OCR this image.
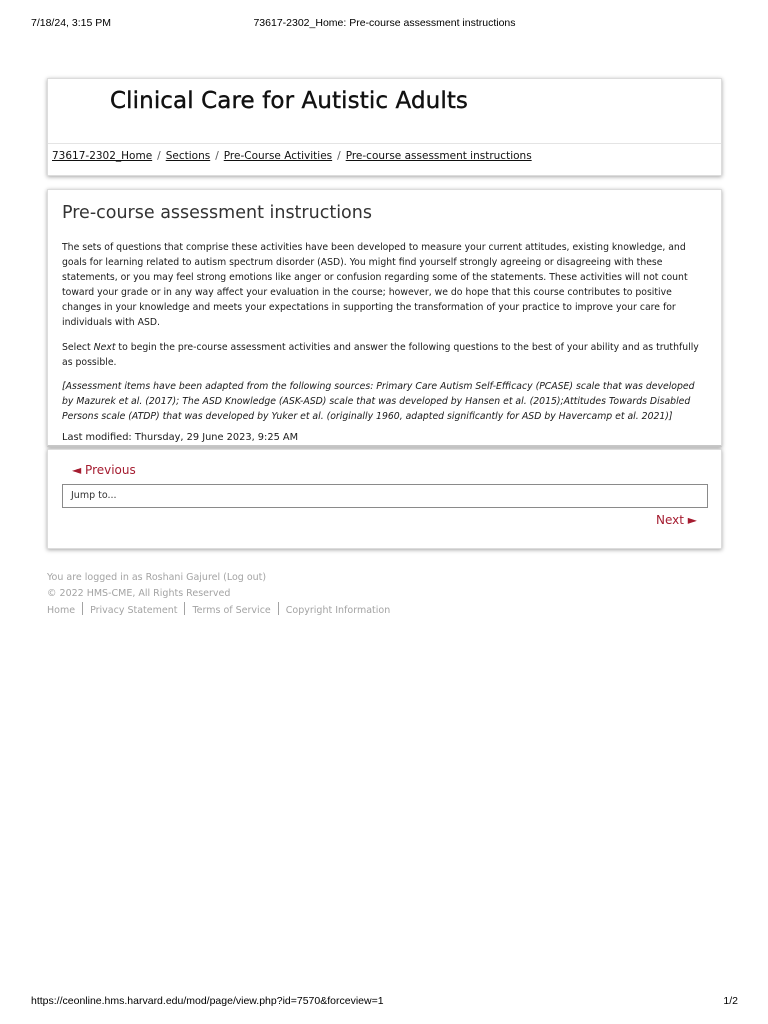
7/18/24, 3:15 PM	73617-2302_Home: Pre-course assessment instructions
Clinical Care for Autistic Adults
73617-2302_Home / Sections / Pre-Course Activities / Pre-course assessment instructions
Pre-course assessment instructions

The sets of questions that comprise these activities have been developed to measure your current attitudes, existing knowledge, and goals for learning related to autism spectrum disorder (ASD). You might find yourself strongly agreeing or disagreeing with these statements, or you may feel strong emotions like anger or confusion regarding some of the statements. These activities will not count toward your grade or in any way affect your evaluation in the course; however, we do hope that this course contributes to positive changes in your knowledge and meets your expectations in supporting the transformation of your practice to improve your care for individuals with ASD.

Select Next to begin the pre-course assessment activities and answer the following questions to the best of your ability and as truthfully as possible.

[Assessment items have been adapted from the following sources: Primary Care Autism Self-Efficacy (PCASE) scale that was developed by Mazurek et al. (2017); The ASD Knowledge (ASK-ASD) scale that was developed by Hansen et al. (2015);Attitudes Towards Disabled Persons scale (ATDP) that was developed by Yuker et al. (originally 1960, adapted significantly for ASD by Havercamp et al. 2021)]

Last modified: Thursday, 29 June 2023, 9:25 AM
◄ Previous
Jump to...
Next ►
You are logged in as Roshani Gajurel (Log out)
© 2022 HMS-CME, All Rights Reserved
Home Privacy Statement Terms of Service Copyright Information
https://ceonline.hms.harvard.edu/mod/page/view.php?id=7570&forceview=1	1/2
